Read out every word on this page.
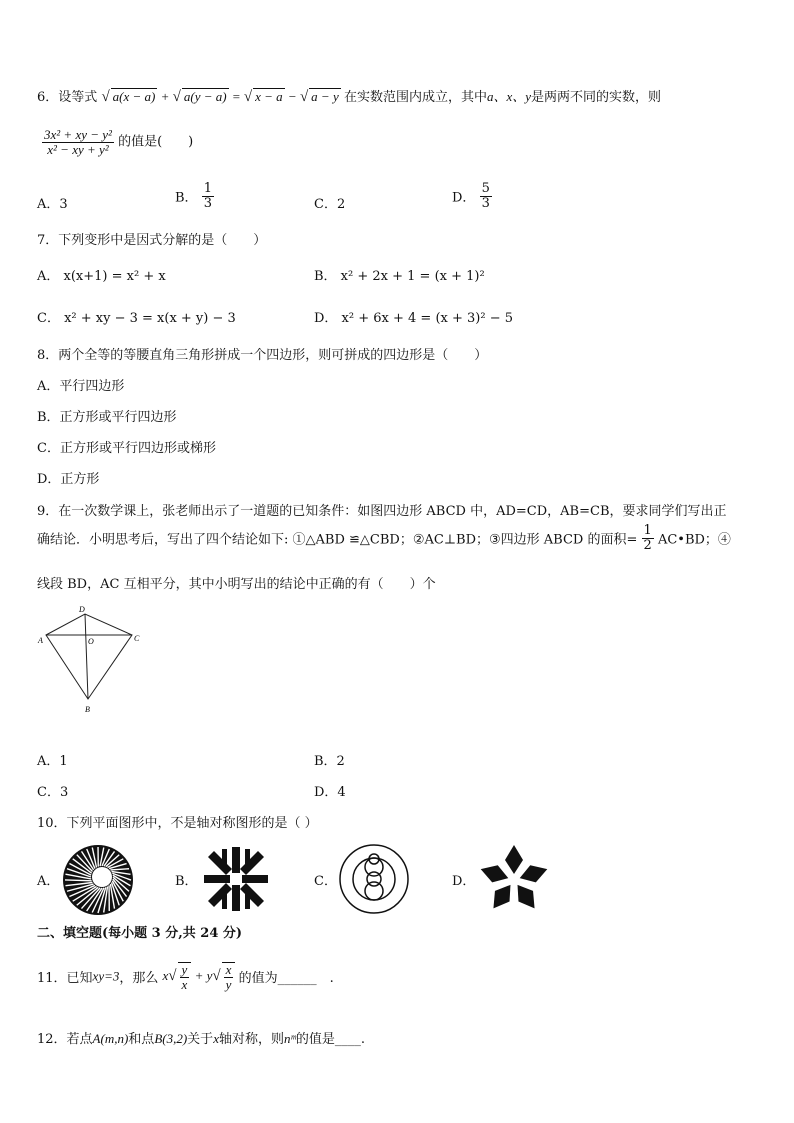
6．设等式 √ a(x − a) + √ a(y − a) = √ x − a − √ a − y 在实数范围内成立，其中a、x、y是两两不同的实数，则
$\frac{\text{3x² + xy − y²}}{\text{x² − xy + y²}}$ 的值是(　　)
A．3	B． $\frac{1}{3}$	C．2	D． $\frac{5}{3}$
7．下列变形中是因式分解的是（　　）
A． x(x+1) = x² + x	B． x² + 2x + 1 = (x + 1)²
C． x² + xy − 3 = x(x + y) − 3	D． x² + 6x + 4 = (x + 3)² − 5
8．两个全等的等腰直角三角形拼成一个四边形，则可拼成的四边形是（　　）
A．平行四边形
B．正方形或平行四边形
C．正方形或平行四边形或梯形
D．正方形
9．在一次数学课上，张老师出示了一道题的已知条件：如图四边形 ABCD 中，AD=CD，AB=CB，要求同学们写出正
确结论．小明思考后，写出了四个结论如下: ①△ABD ≌△CBD；②AC⊥BD；③四边形 ABCD 的面积= $\frac{1}{2}$ AC•BD；④
线段 BD，AC 互相平分，其中小明写出的结论中正确的有（　　）个
D
A	O	C
B
A．1	B．2
C．3	D．4
10．下列平面图形中，不是轴对称图形的是（ ）
A．	B．	C．	D．
二、填空题(每小题 3 分,共 24 分)
11．已知xy=3，那么 $x√ \frac{y}{x} + y√ \frac{x}{y}$ 的值为______　.
12．若点A(m,n)和点B(3,2)关于x轴对称，则nᵐ的值是____.
